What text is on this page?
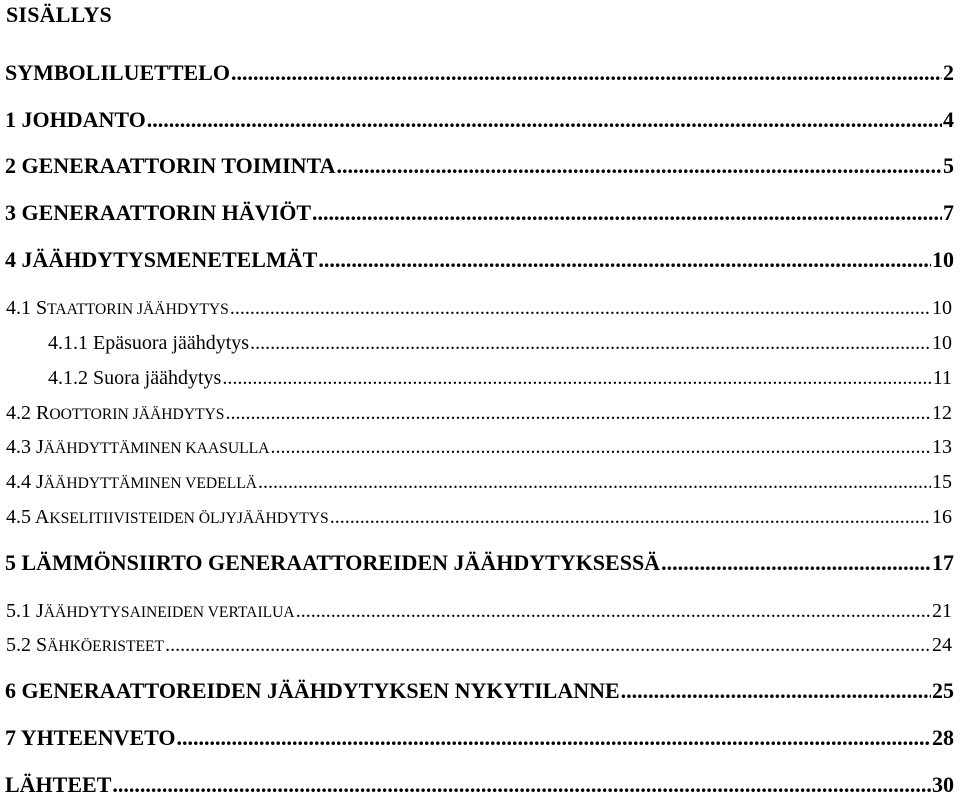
SISÄLLYS
SYMBOLILUETTELO .....	2
1 JOHDANTO .....	4
2 GENERAATTORIN TOIMINTA .....	5
3 GENERAATTORIN HÄVIÖT .....	7
4 JÄÄHDYTYSMENETELMÄT .....	10
4.1 STAATTORIN JÄÄHDYTYS .....	10
4.1.1 Epäsuora jäähdytys .....	10
4.1.2 Suora jäähdytys .....	11
4.2 ROOTTORIN JÄÄHDYTYS .....	12
4.3 JÄÄHDYTTÄMINEN KAASULLA .....	13
4.4 JÄÄHDYTTÄMINEN VEDELLÄ .....	15
4.5 AKSELITIIVISTEIDEN ÖLJYJÄÄHDYTYS .....	16
5 LÄMMÖNSIIRTO GENERAATTOREIDEN JÄÄHDYTYKSESSÄ .....	17
5.1 JÄÄHDYTYSAINEIDEN VERTAILUA .....	21
5.2 SÄHKÖERISTEET .....	24
6 GENERAATTOREIDEN JÄÄHDYTYKSEN NYKYTILANNE .....	25
7 YHTEENVETO .....	28
LÄHTEET .....	30
